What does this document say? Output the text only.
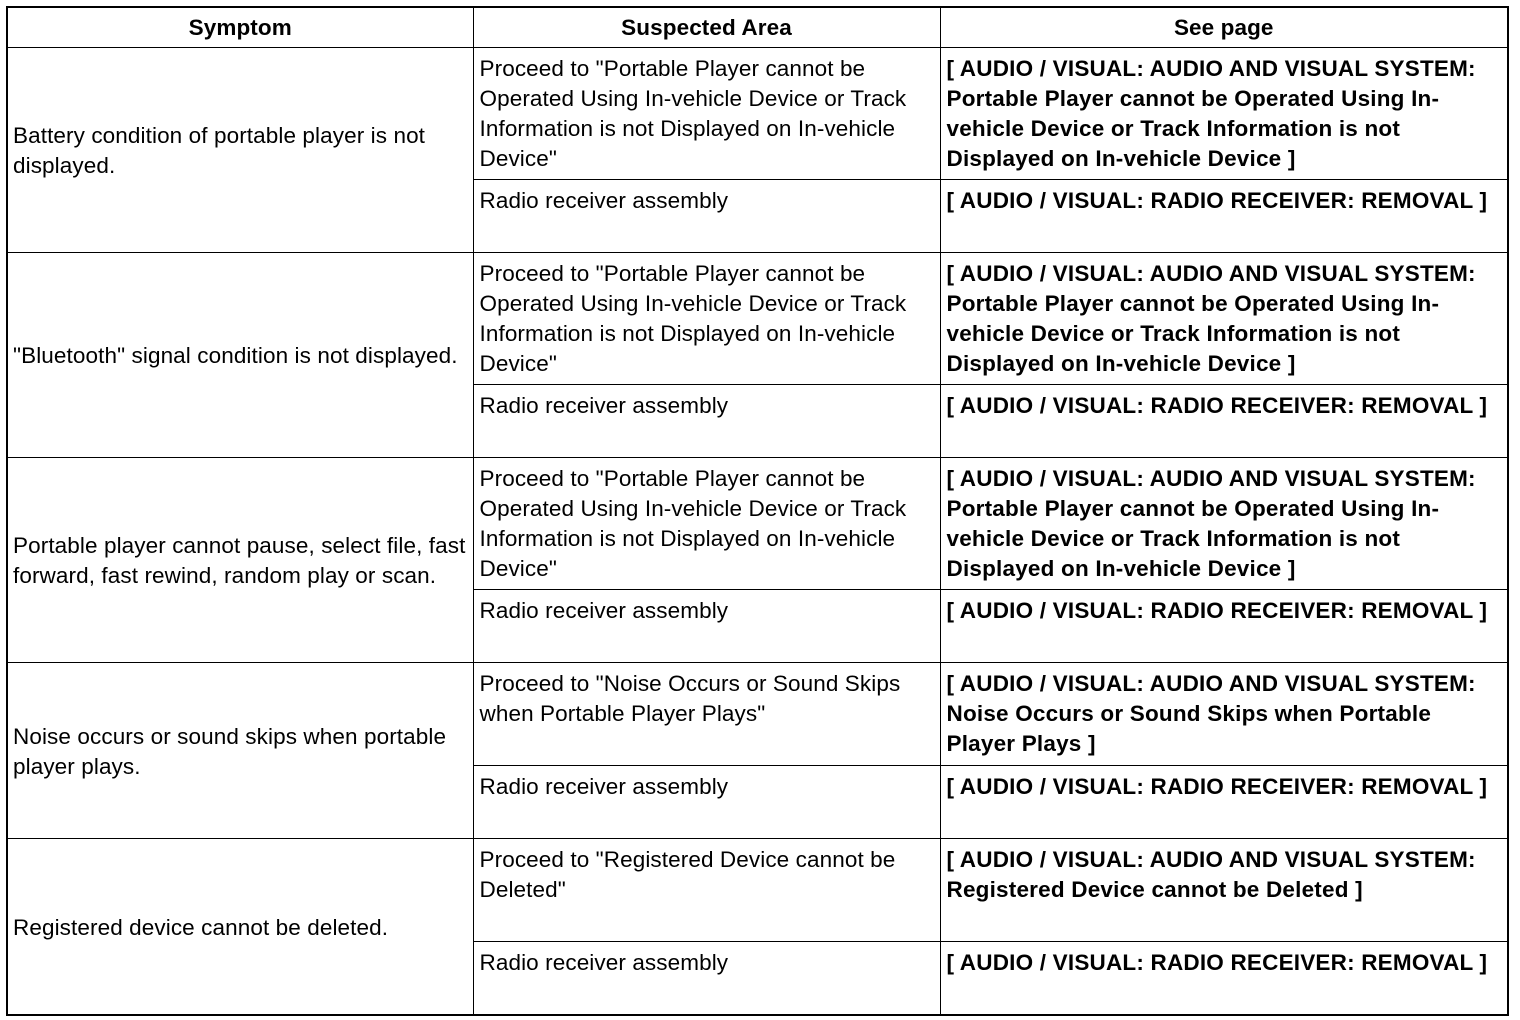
Symptom	Suspected Area	See page
Battery condition of portable player is not displayed.	Proceed to "Portable Player cannot be Operated Using In-vehicle Device or Track Information is not Displayed on In-vehicle Device"	[ AUDIO / VISUAL: AUDIO AND VISUAL SYSTEM: Portable Player cannot be Operated Using In-vehicle Device or Track Information is not Displayed on In-vehicle Device ]
	Radio receiver assembly	[ AUDIO / VISUAL: RADIO RECEIVER: REMOVAL ]
"Bluetooth" signal condition is not displayed.	Proceed to "Portable Player cannot be Operated Using In-vehicle Device or Track Information is not Displayed on In-vehicle Device"	[ AUDIO / VISUAL: AUDIO AND VISUAL SYSTEM: Portable Player cannot be Operated Using In-vehicle Device or Track Information is not Displayed on In-vehicle Device ]
	Radio receiver assembly	[ AUDIO / VISUAL: RADIO RECEIVER: REMOVAL ]
Portable player cannot pause, select file, fast forward, fast rewind, random play or scan.	Proceed to "Portable Player cannot be Operated Using In-vehicle Device or Track Information is not Displayed on In-vehicle Device"	[ AUDIO / VISUAL: AUDIO AND VISUAL SYSTEM: Portable Player cannot be Operated Using In-vehicle Device or Track Information is not Displayed on In-vehicle Device ]
	Radio receiver assembly	[ AUDIO / VISUAL: RADIO RECEIVER: REMOVAL ]
Noise occurs or sound skips when portable player plays.	Proceed to "Noise Occurs or Sound Skips when Portable Player Plays"	[ AUDIO / VISUAL: AUDIO AND VISUAL SYSTEM: Noise Occurs or Sound Skips when Portable Player Plays ]
	Radio receiver assembly	[ AUDIO / VISUAL: RADIO RECEIVER: REMOVAL ]
Registered device cannot be deleted.	Proceed to "Registered Device cannot be Deleted"	[ AUDIO / VISUAL: AUDIO AND VISUAL SYSTEM: Registered Device cannot be Deleted ]
	Radio receiver assembly	[ AUDIO / VISUAL: RADIO RECEIVER: REMOVAL ]
